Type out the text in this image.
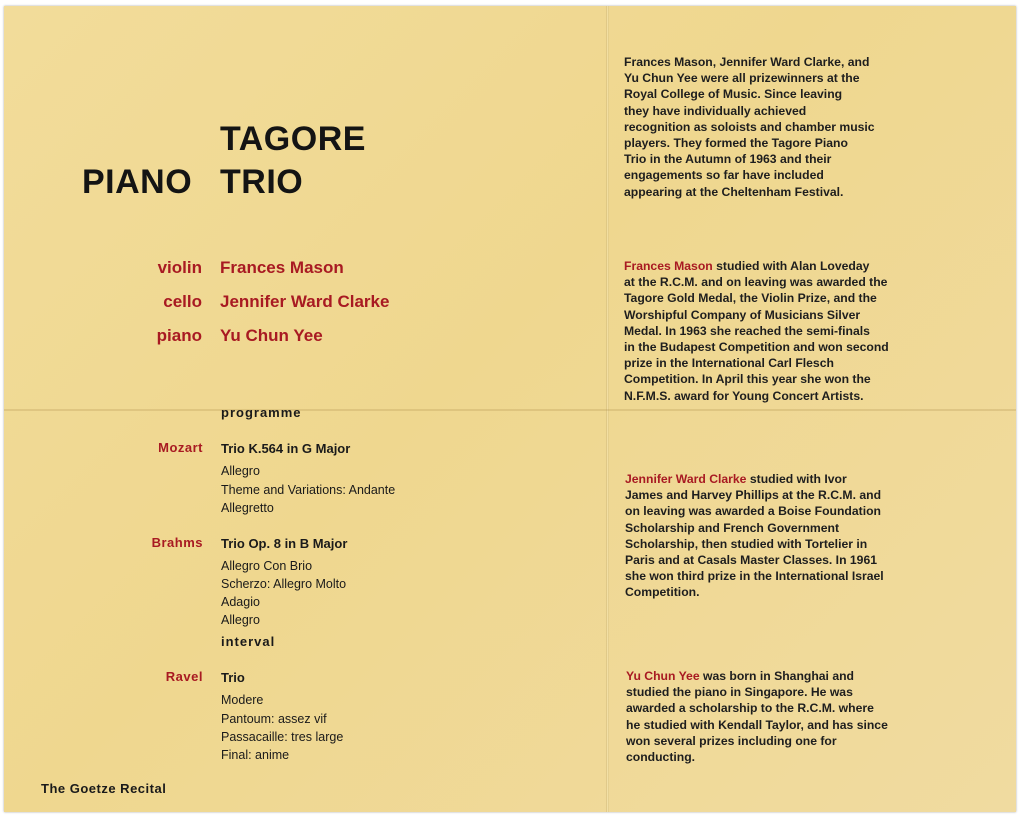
TAGORE
PIANO TRIO
violin Frances Mason
cello Jennifer Ward Clarke
piano Yu Chun Yee
programme
Mozart Trio K.564 in G Major
Allegro
Theme and Variations: Andante
Allegretto
Brahms Trio Op. 8 in B Major
Allegro Con Brio
Scherzo: Allegro Molto
Adagio
Allegro
interval
Ravel Trio
Modere
Pantoum: assez vif
Passacaille: tres large
Final: anime
The Goetze Recital
Frances Mason, Jennifer Ward Clarke, and
Yu Chun Yee were all prizewinners at the
Royal College of Music. Since leaving
they have individually achieved
recognition as soloists and chamber music
players. They formed the Tagore Piano
Trio in the Autumn of 1963 and their
engagements so far have included
appearing at the Cheltenham Festival.
Frances Mason studied with Alan Loveday
at the R.C.M. and on leaving was awarded the
Tagore Gold Medal, the Violin Prize, and the
Worshipful Company of Musicians Silver
Medal. In 1963 she reached the semi-finals
in the Budapest Competition and won second
prize in the International Carl Flesch
Competition. In April this year she won the
N.F.M.S. award for Young Concert Artists.
Jennifer Ward Clarke studied with Ivor
James and Harvey Phillips at the R.C.M. and
on leaving was awarded a Boise Foundation
Scholarship and French Government
Scholarship, then studied with Tortelier in
Paris and at Casals Master Classes. In 1961
she won third prize in the International Israel
Competition.
Yu Chun Yee was born in Shanghai and
studied the piano in Singapore. He was
awarded a scholarship to the R.C.M. where
he studied with Kendall Taylor, and has since
won several prizes including one for
conducting.
